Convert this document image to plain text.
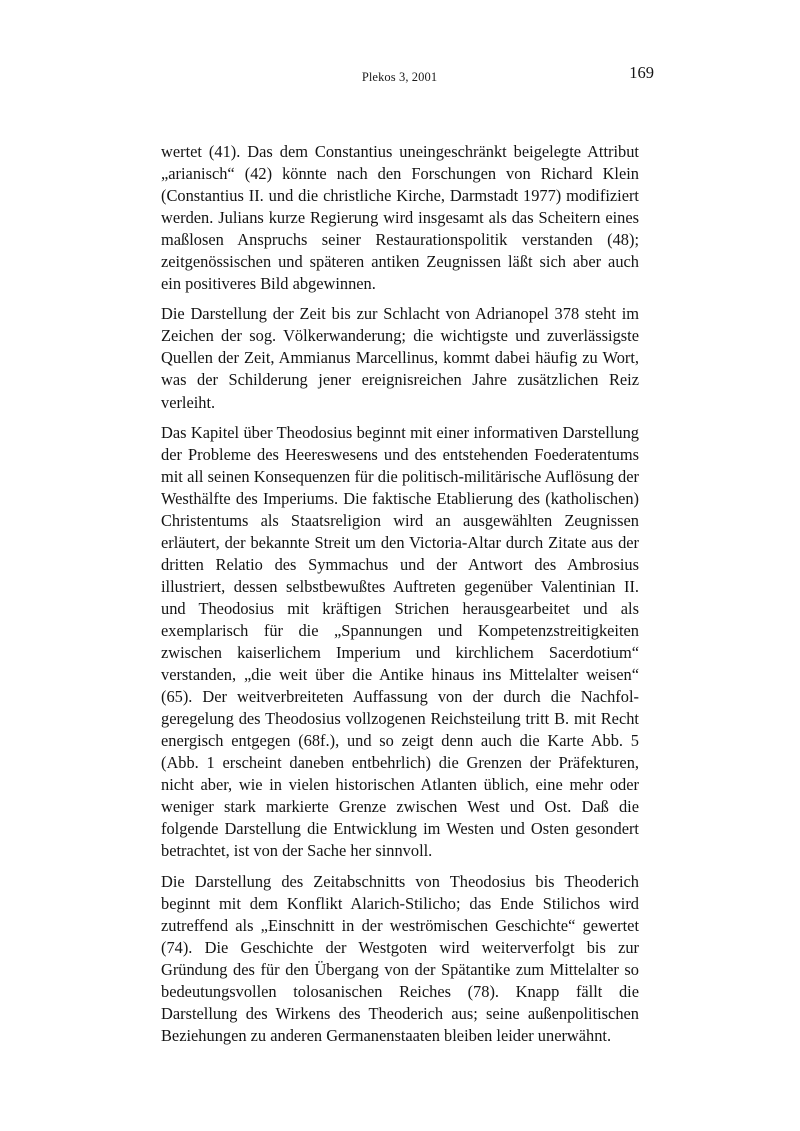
Plekos 3, 2001	169

wertet (41). Das dem Constantius uneingeschränkt beigelegte Attribut „arianisch“ (42) könnte nach den Forschungen von Richard Klein (Constantius II. und die christliche Kirche, Darmstadt 1977) modifiziert werden. Julians kurze Regierung wird insgesamt als das Scheitern eines maßlosen Anspruchs seiner Restaurationspolitik verstanden (48); zeitgenössischen und späteren antiken Zeugnissen läßt sich aber auch ein positiveres Bild abgewinnen.

Die Darstellung der Zeit bis zur Schlacht von Adrianopel 378 steht im Zeichen der sog. Völkerwanderung; die wichtigste und zuverlässigste Quellen der Zeit, Ammianus Marcellinus, kommt dabei häufig zu Wort, was der Schilderung jener ereignisreichen Jahre zusätzlichen Reiz verleiht.

Das Kapitel über Theodosius beginnt mit einer informativen Darstellung der Probleme des Heereswesens und des entstehenden Foederatentums mit all seinen Konsequenzen für die politisch-militärische Auflösung der Westhälfte des Imperiums. Die faktische Etablierung des (katholischen) Christentums als Staatsreligion wird an ausgewählten Zeugnissen erläutert, der bekannte Streit um den Victoria-Altar durch Zitate aus der dritten Relatio des Symmachus und der Antwort des Ambrosius illustriert, dessen selbstbewußtes Auftreten gegenüber Valentinian II. und Theodosius mit kräftigen Strichen herausgearbeitet und als exemplarisch für die „Spannungen und Kompetenzstreitigkeiten zwischen kaiserlichem Imperium und kirchlichem Sacerdotium“ verstanden, „die weit über die Antike hinaus ins Mittelalter weisen“ (65). Der weitverbreiteten Auffassung von der durch die Nachfolgeregelung des Theodosius vollzogenen Reichsteilung tritt B. mit Recht energisch entgegen (68f.), und so zeigt denn auch die Karte Abb. 5 (Abb. 1 erscheint daneben entbehrlich) die Grenzen der Präfekturen, nicht aber, wie in vielen historischen Atlanten üblich, eine mehr oder weniger stark markierte Grenze zwischen West und Ost. Daß die folgende Darstellung die Entwicklung im Westen und Osten gesondert betrachtet, ist von der Sache her sinnvoll.

Die Darstellung des Zeitabschnitts von Theodosius bis Theoderich beginnt mit dem Konflikt Alarich-Stilicho; das Ende Stilichos wird zutreffend als „Einschnitt in der weströmischen Geschichte“ gewertet (74). Die Geschichte der Westgoten wird weiterverfolgt bis zur Gründung des für den Übergang von der Spätantike zum Mittelalter so bedeutungsvollen tolosanischen Reiches (78). Knapp fällt die Darstellung des Wirkens des Theoderich aus; seine außenpolitischen Beziehungen zu anderen Germanenstaaten bleiben leider unerwähnt.
